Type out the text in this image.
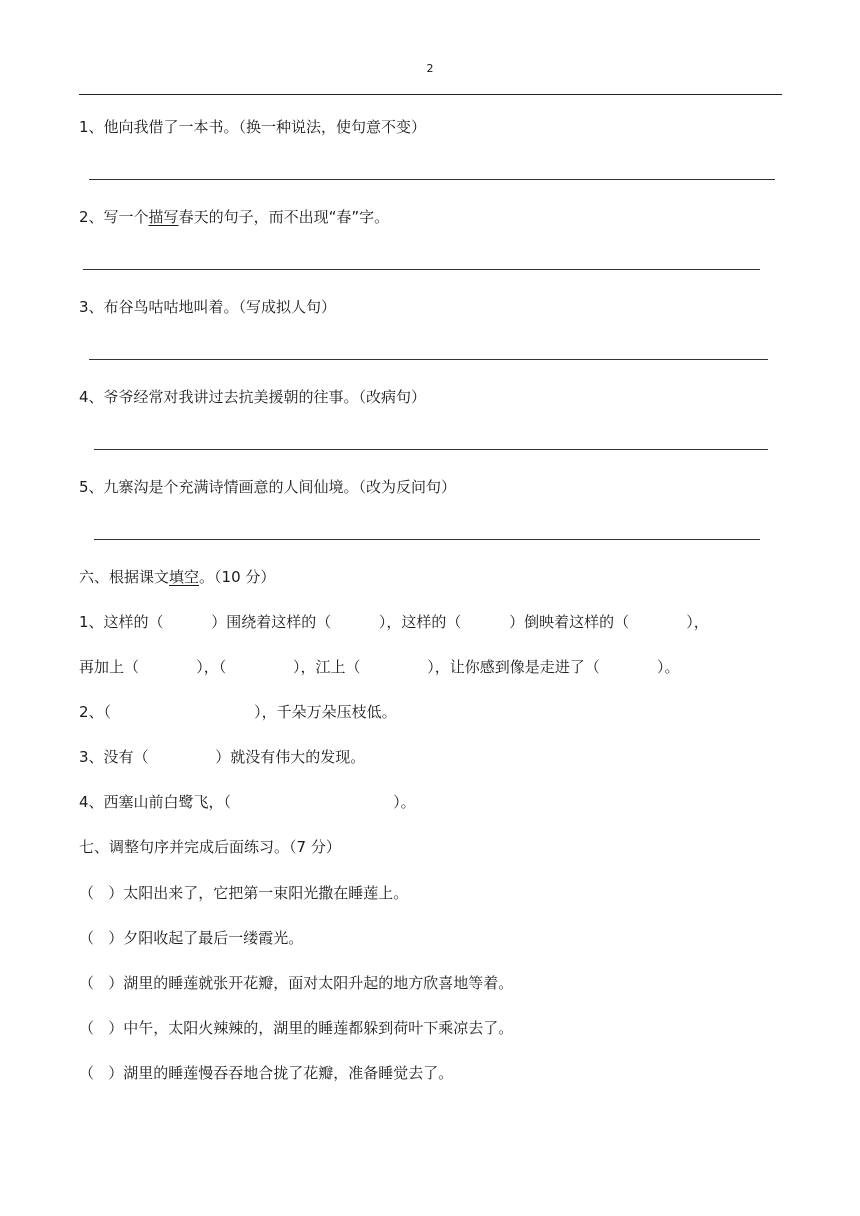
2
1、他向我借了一本书。（换一种说法，使句意不变）
2、写一个描写春天的句子，而不出现“春”字。
3、布谷鸟咕咕地叫着。（写成拟人句）
4、爷爷经常对我讲过去抗美援朝的往事。（改病句）
5、九寨沟是个充满诗情画意的人间仙境。（改为反问句）
六、根据课文填空。（10 分）
1、这样的（          ）围绕着这样的（          ），这样的（          ）倒映着这样的（            ），
再加上（            ），（              ），江上（              ），让你感到像是走进了（            ）。
2、（                              ），千朵万朵压枝低。
3、没有（              ）就没有伟大的发现。
4、西塞山前白鹭飞，（                                  ）。
七、调整句序并完成后面练习。（7 分）
（   ）太阳出来了，它把第一束阳光撒在睡莲上。
（   ）夕阳收起了最后一缕霞光。
（   ）湖里的睡莲就张开花瓣，面对太阳升起的地方欣喜地等着。
（   ）中午，太阳火辣辣的，湖里的睡莲都躲到荷叶下乘凉去了。
（   ）湖里的睡莲慢吞吞地合拢了花瓣，准备睡觉去了。
